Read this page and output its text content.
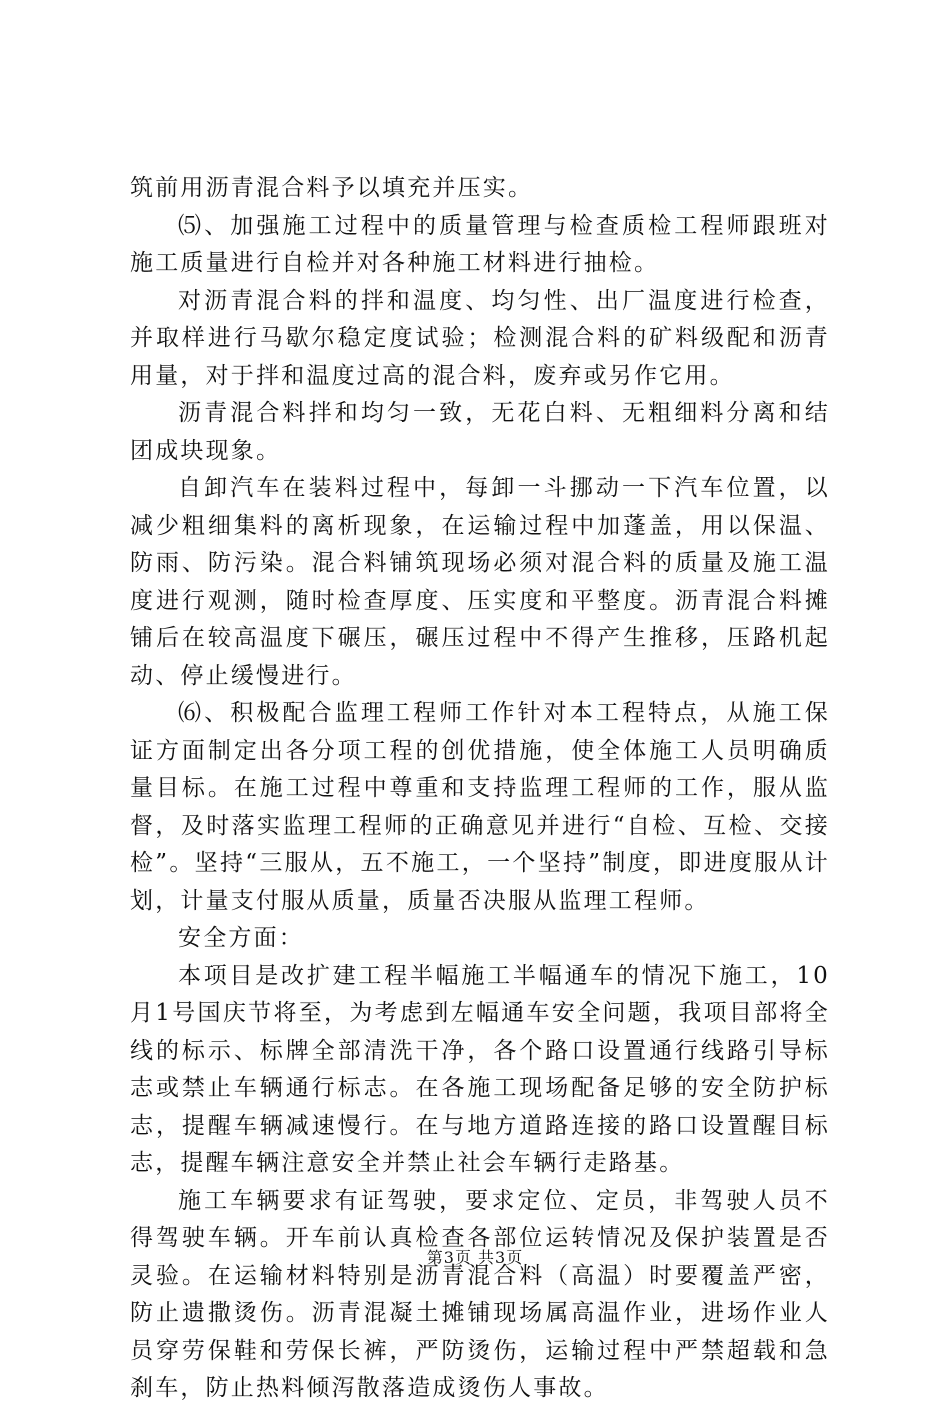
筑前用沥青混合料予以填充并压实。

⑸、加强施工过程中的质量管理与检查质检工程师跟班对施工质量进行自检并对各种施工材料进行抽检。

对沥青混合料的拌和温度、均匀性、出厂温度进行检查，并取样进行马歇尔稳定度试验；检测混合料的矿料级配和沥青用量，对于拌和温度过高的混合料，废弃或另作它用。

沥青混合料拌和均匀一致，无花白料、无粗细料分离和结团成块现象。

自卸汽车在装料过程中，每卸一斗挪动一下汽车位置，以减少粗细集料的离析现象，在运输过程中加蓬盖，用以保温、防雨、防污染。混合料铺筑现场必须对混合料的质量及施工温度进行观测，随时检查厚度、压实度和平整度。沥青混合料摊铺后在较高温度下碾压，碾压过程中不得产生推移，压路机起动、停止缓慢进行。

⑹、积极配合监理工程师工作针对本工程特点，从施工保证方面制定出各分项工程的创优措施，使全体施工人员明确质量目标。在施工过程中尊重和支持监理工程师的工作，服从监督，及时落实监理工程师的正确意见并进行“自检、互检、交接检”。坚持“三服从，五不施工，一个坚持”制度，即进度服从计划，计量支付服从质量，质量否决服从监理工程师。

安全方面：

本项目是改扩建工程半幅施工半幅通车的情况下施工，10月1号国庆节将至，为考虑到左幅通车安全问题，我项目部将全线的标示、标牌全部清洗干净，各个路口设置通行线路引导标志或禁止车辆通行标志。在各施工现场配备足够的安全防护标志，提醒车辆减速慢行。在与地方道路连接的路口设置醒目标志，提醒车辆注意安全并禁止社会车辆行走路基。

施工车辆要求有证驾驶，要求定位、定员，非驾驶人员不得驾驶车辆。开车前认真检查各部位运转情况及保护装置是否灵验。在运输材料特别是沥青混合料（高温）时要覆盖严密，防止遗撒烫伤。沥青混凝土摊铺现场属高温作业，进场作业人员穿劳保鞋和劳保长裤，严防烫伤，运输过程中严禁超载和急刹车，防止热料倾泻散落造成烫伤人事故。

第3页 共3页
